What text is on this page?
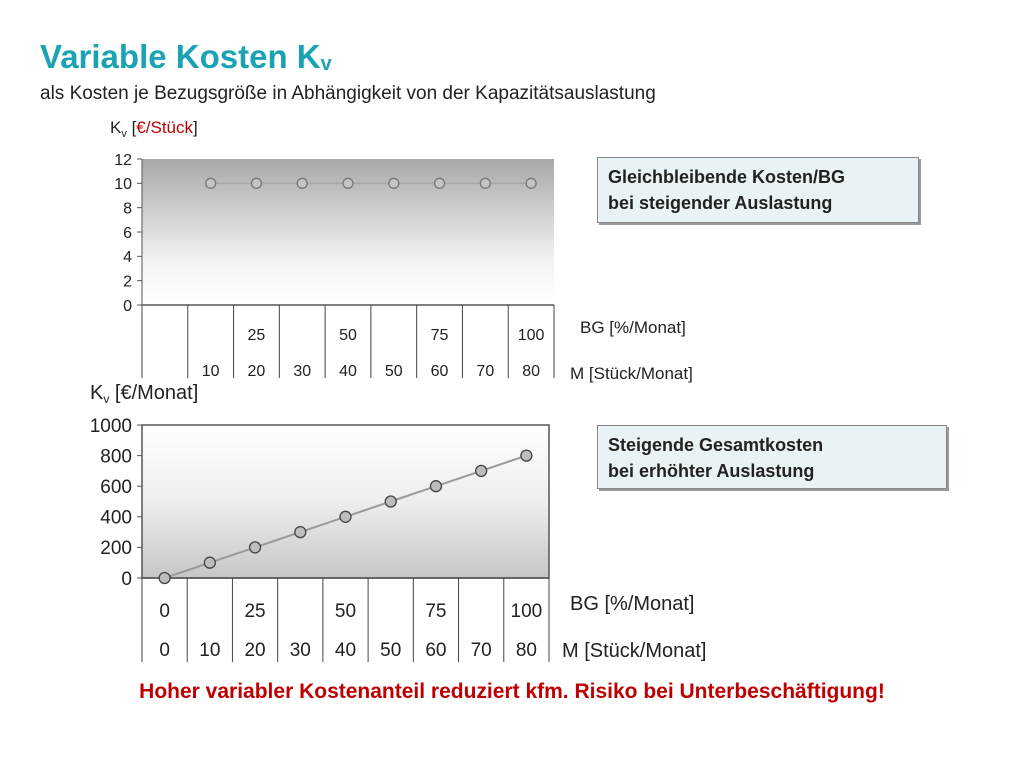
Variable Kosten $K_v$
als Kosten je Bezugsgröße in Abhängigkeit von der Kapazitätsauslastung
$K_v$ [€/Stück]
$K_v$ [€/Monat]
Gleichbleibende Kosten/BG
bei steigender Auslastung
Steigende Gesamtkosten
bei erhöhter Auslastung
12
10
8
6
4
2
0
25	50	75	100
10 20 30 40 50 60 70 80
1000
800
600
400
200
0
0	25	50	75	100
0 10 20 30 40 50 60 70 80
BG [%/Monat]
M [Stück/Monat]
BG [%/Monat]
M [Stück/Monat]
Hoher variabler Kostenanteil reduziert kfm. Risiko bei Unterbeschäftigung!
